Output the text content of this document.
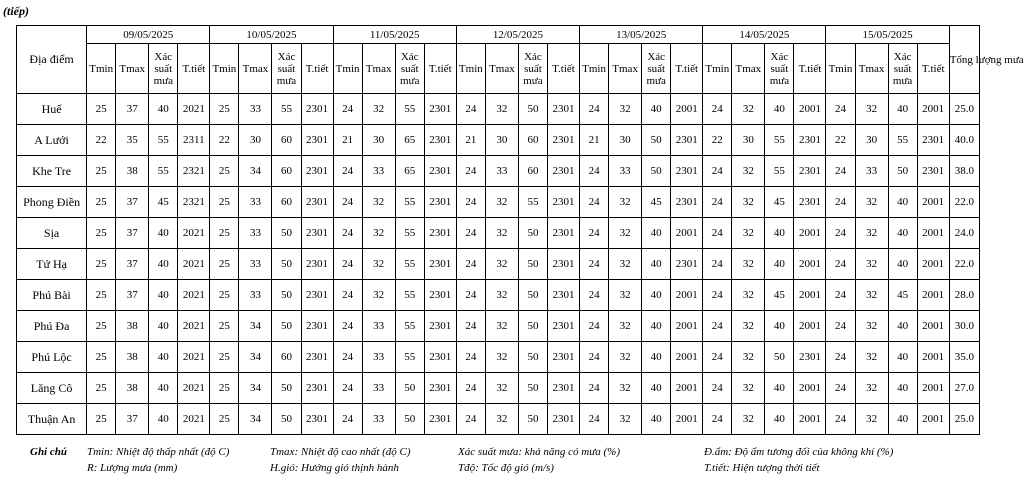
(tiếp)
Địa điểm	09/05/2025				10/05/2025				11/05/2025				12/05/2025				13/05/2025				14/05/2025				15/05/2025				Tổng lượng mưa
	Tmin	Tmax	Xác suất mưa	T.tiết	Tmin	Tmax	Xác suất mưa	T.tiết	Tmin	Tmax	Xác suất mưa	T.tiết	Tmin	Tmax	Xác suất mưa	T.tiết	Tmin	Tmax	Xác suất mưa	T.tiết	Tmin	Tmax	Xác suất mưa	T.tiết	Tmin	Tmax	Xác suất mưa	T.tiết	
Huế	25	37	40	2021	25	33	55	2301	24	32	55	2301	24	32	50	2301	24	32	40	2001	24	32	40	2001	24	32	40	2001	25.0
A Lưới	22	35	55	2311	22	30	60	2301	21	30	65	2301	21	30	60	2301	21	30	50	2301	22	30	55	2301	22	30	55	2301	40.0
Khe Tre	25	38	55	2321	25	34	60	2301	24	33	65	2301	24	33	60	2301	24	33	50	2301	24	32	55	2301	24	33	50	2301	38.0
Phong Điền	25	37	45	2321	25	33	60	2301	24	32	55	2301	24	32	55	2301	24	32	45	2301	24	32	45	2301	24	32	40	2001	22.0
Sịa	25	37	40	2021	25	33	50	2301	24	32	55	2301	24	32	50	2301	24	32	40	2001	24	32	40	2001	24	32	40	2001	24.0
Tứ Hạ	25	37	40	2021	25	33	50	2301	24	32	55	2301	24	32	50	2301	24	32	40	2301	24	32	40	2001	24	32	40	2001	22.0
Phú Bài	25	37	40	2021	25	33	50	2301	24	32	55	2301	24	32	50	2301	24	32	40	2001	24	32	45	2001	24	32	45	2001	28.0
Phú Đa	25	38	40	2021	25	34	50	2301	24	33	55	2301	24	32	50	2301	24	32	40	2001	24	32	40	2001	24	32	40	2001	30.0
Phú Lộc	25	38	40	2021	25	34	60	2301	24	33	55	2301	24	32	50	2301	24	32	40	2001	24	32	50	2301	24	32	40	2001	35.0
Lăng Cô	25	38	40	2021	25	34	50	2301	24	33	50	2301	24	32	50	2301	24	32	40	2001	24	32	40	2001	24	32	40	2001	27.0
Thuận An	25	37	40	2021	25	34	50	2301	24	33	50	2301	24	32	50	2301	24	32	40	2001	24	32	40	2001	24	32	40	2001	25.0
Ghi chú Tmin: Nhiệt độ thấp nhất (độ C)	Tmax: Nhiệt độ cao nhất (độ C)	Xác suất mưa: khả năng có mưa (%)	Đ.ẩm: Độ ẩm tương đối của không khí (%)
R: Lượng mưa (mm)	H.gió: Hướng gió thịnh hành	Tđộ: Tốc độ gió (m/s)	T.tiết: Hiện tượng thời tiết
